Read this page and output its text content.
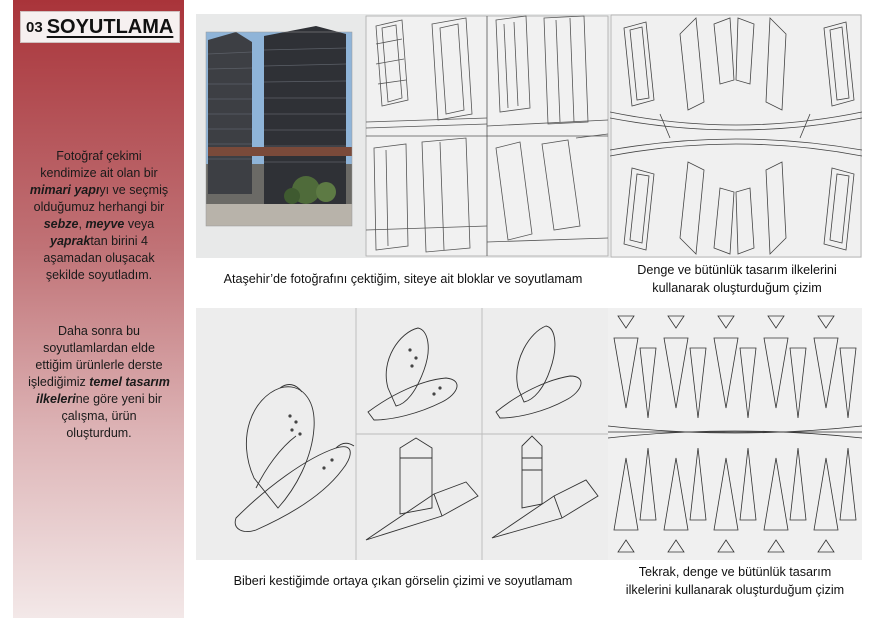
03 SOYUTLAMA
Fotoğraf çekimi
kendimize ait olan bir
mimari yapıyı ve seçmiş
olduğumuz herhangi bir
sebze, meyve veya
yapraktan birini 4
aşamadan oluşacak
şekilde soyutladım.
Daha sonra bu
soyutlamlardan elde
ettiğim ürünlerle derste
işlediğimiz temel tasarım
ilkelerine göre yeni bir
çalışma, ürün
oluşturdum.
Ataşehir’de fotoğrafını çektiğim, siteye ait bloklar ve soyutlamam
Denge ve bütünlük tasarım ilkelerini
kullanarak oluşturduğum çizim
Biberi kestiğimde ortaya çıkan görselin çizimi ve soyutlamam
Tekrak, denge ve bütünlük tasarım
ilkelerini kullanarak oluşturduğum çizim
